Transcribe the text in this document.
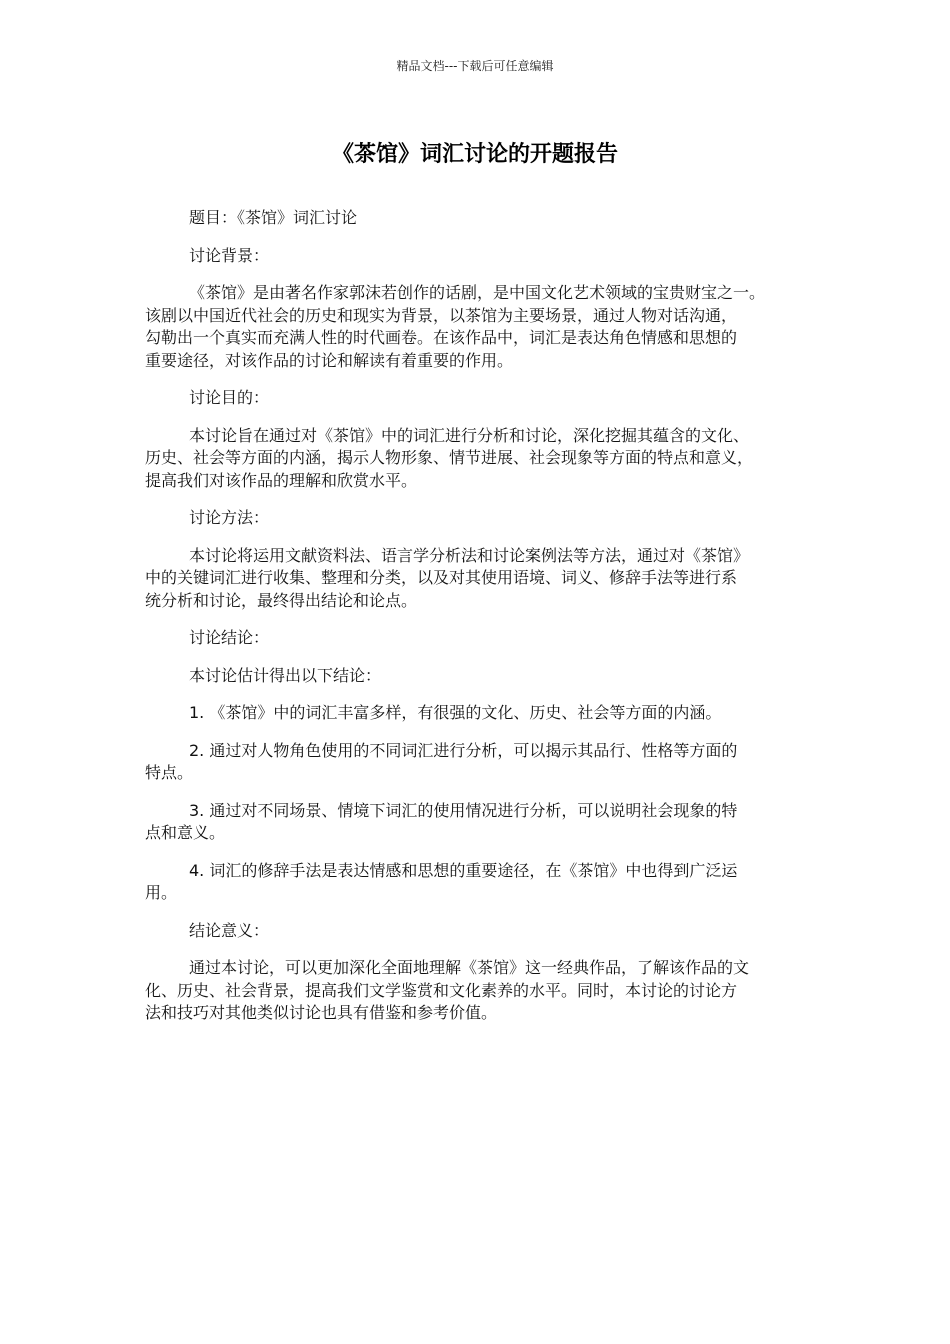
精品文档---下载后可任意编辑
《茶馆》词汇讨论的开题报告

题目：《茶馆》词汇讨论

讨论背景：

《茶馆》是由著名作家郭沫若创作的话剧，是中国文化艺术领域的宝贵财宝之一。
该剧以中国近代社会的历史和现实为背景，以茶馆为主要场景，通过人物对话沟通，
勾勒出一个真实而充满人性的时代画卷。在该作品中，词汇是表达角色情感和思想的
重要途径，对该作品的讨论和解读有着重要的作用。

讨论目的：

本讨论旨在通过对《茶馆》中的词汇进行分析和讨论，深化挖掘其蕴含的文化、
历史、社会等方面的内涵，揭示人物形象、情节进展、社会现象等方面的特点和意义，
提高我们对该作品的理解和欣赏水平。

讨论方法：

本讨论将运用文献资料法、语言学分析法和讨论案例法等方法，通过对《茶馆》
中的关键词汇进行收集、整理和分类，以及对其使用语境、词义、修辞手法等进行系
统分析和讨论，最终得出结论和论点。

讨论结论：

本讨论估计得出以下结论：

1. 《茶馆》中的词汇丰富多样，有很强的文化、历史、社会等方面的内涵。

2. 通过对人物角色使用的不同词汇进行分析，可以揭示其品行、性格等方面的
特点。

3. 通过对不同场景、情境下词汇的使用情况进行分析，可以说明社会现象的特
点和意义。

4. 词汇的修辞手法是表达情感和思想的重要途径，在《茶馆》中也得到广泛运
用。

结论意义：

通过本讨论，可以更加深化全面地理解《茶馆》这一经典作品，了解该作品的文
化、历史、社会背景，提高我们文学鉴赏和文化素养的水平。同时，本讨论的讨论方
法和技巧对其他类似讨论也具有借鉴和参考价值。
